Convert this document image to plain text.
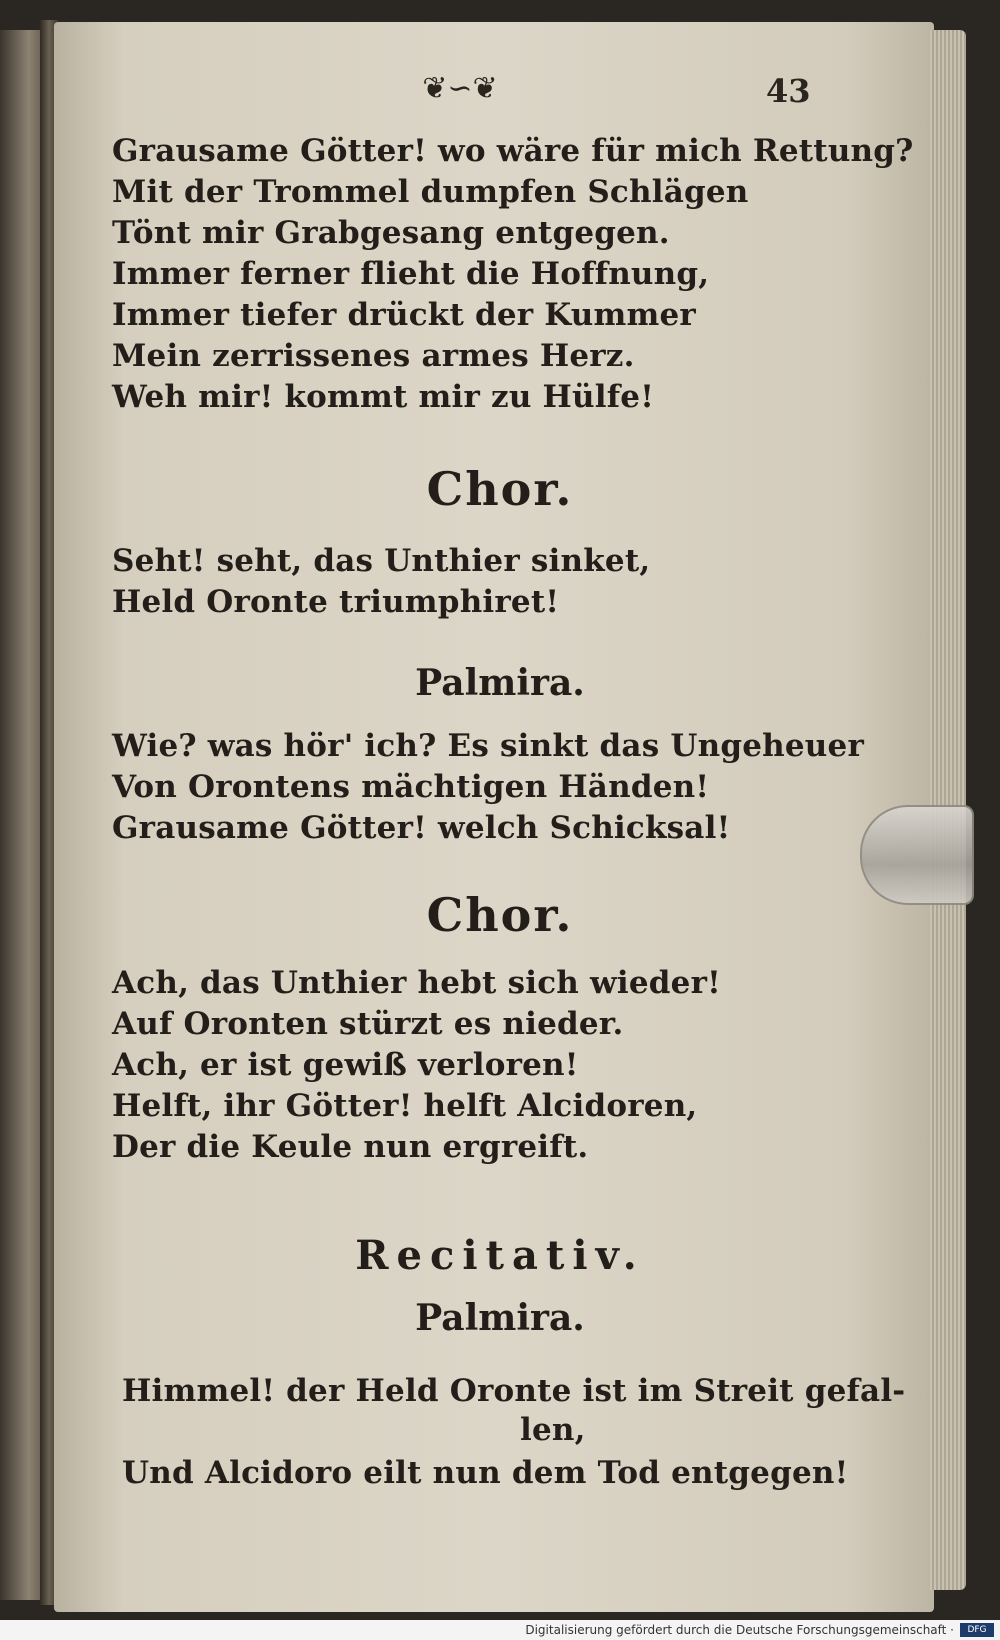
❦∽❦	43
Grausame Götter! wo wäre für mich Rettung?
Mit der Trommel dumpfen Schlägen
Tönt mir Grabgesang entgegen.
Immer ferner flieht die Hoffnung,
Immer tiefer drückt der Kummer
Mein zerrissenes armes Herz.
Weh mir! kommt mir zu Hülfe!
Chor.
Seht! seht, das Unthier sinket,
Held Oronte triumphiret!
Palmira.
Wie? was hör' ich? Es sinkt das Ungeheuer
Von Orontens mächtigen Händen!
Grausame Götter! welch Schicksal!
Chor.
Ach, das Unthier hebt sich wieder!
Auf Oronten stürzt es nieder.
Ach, er ist gewiß verloren!
Helft, ihr Götter! helft Alcidoren,
Der die Keule nun ergreift.
Recitativ.
Palmira.
Himmel! der Held Oronte ist im Streit gefal-
len,
Und Alcidoro eilt nun dem Tod entgegen!
Digitalisierung gefördert durch die Deutsche Forschungsgemeinschaft ·	DFG
